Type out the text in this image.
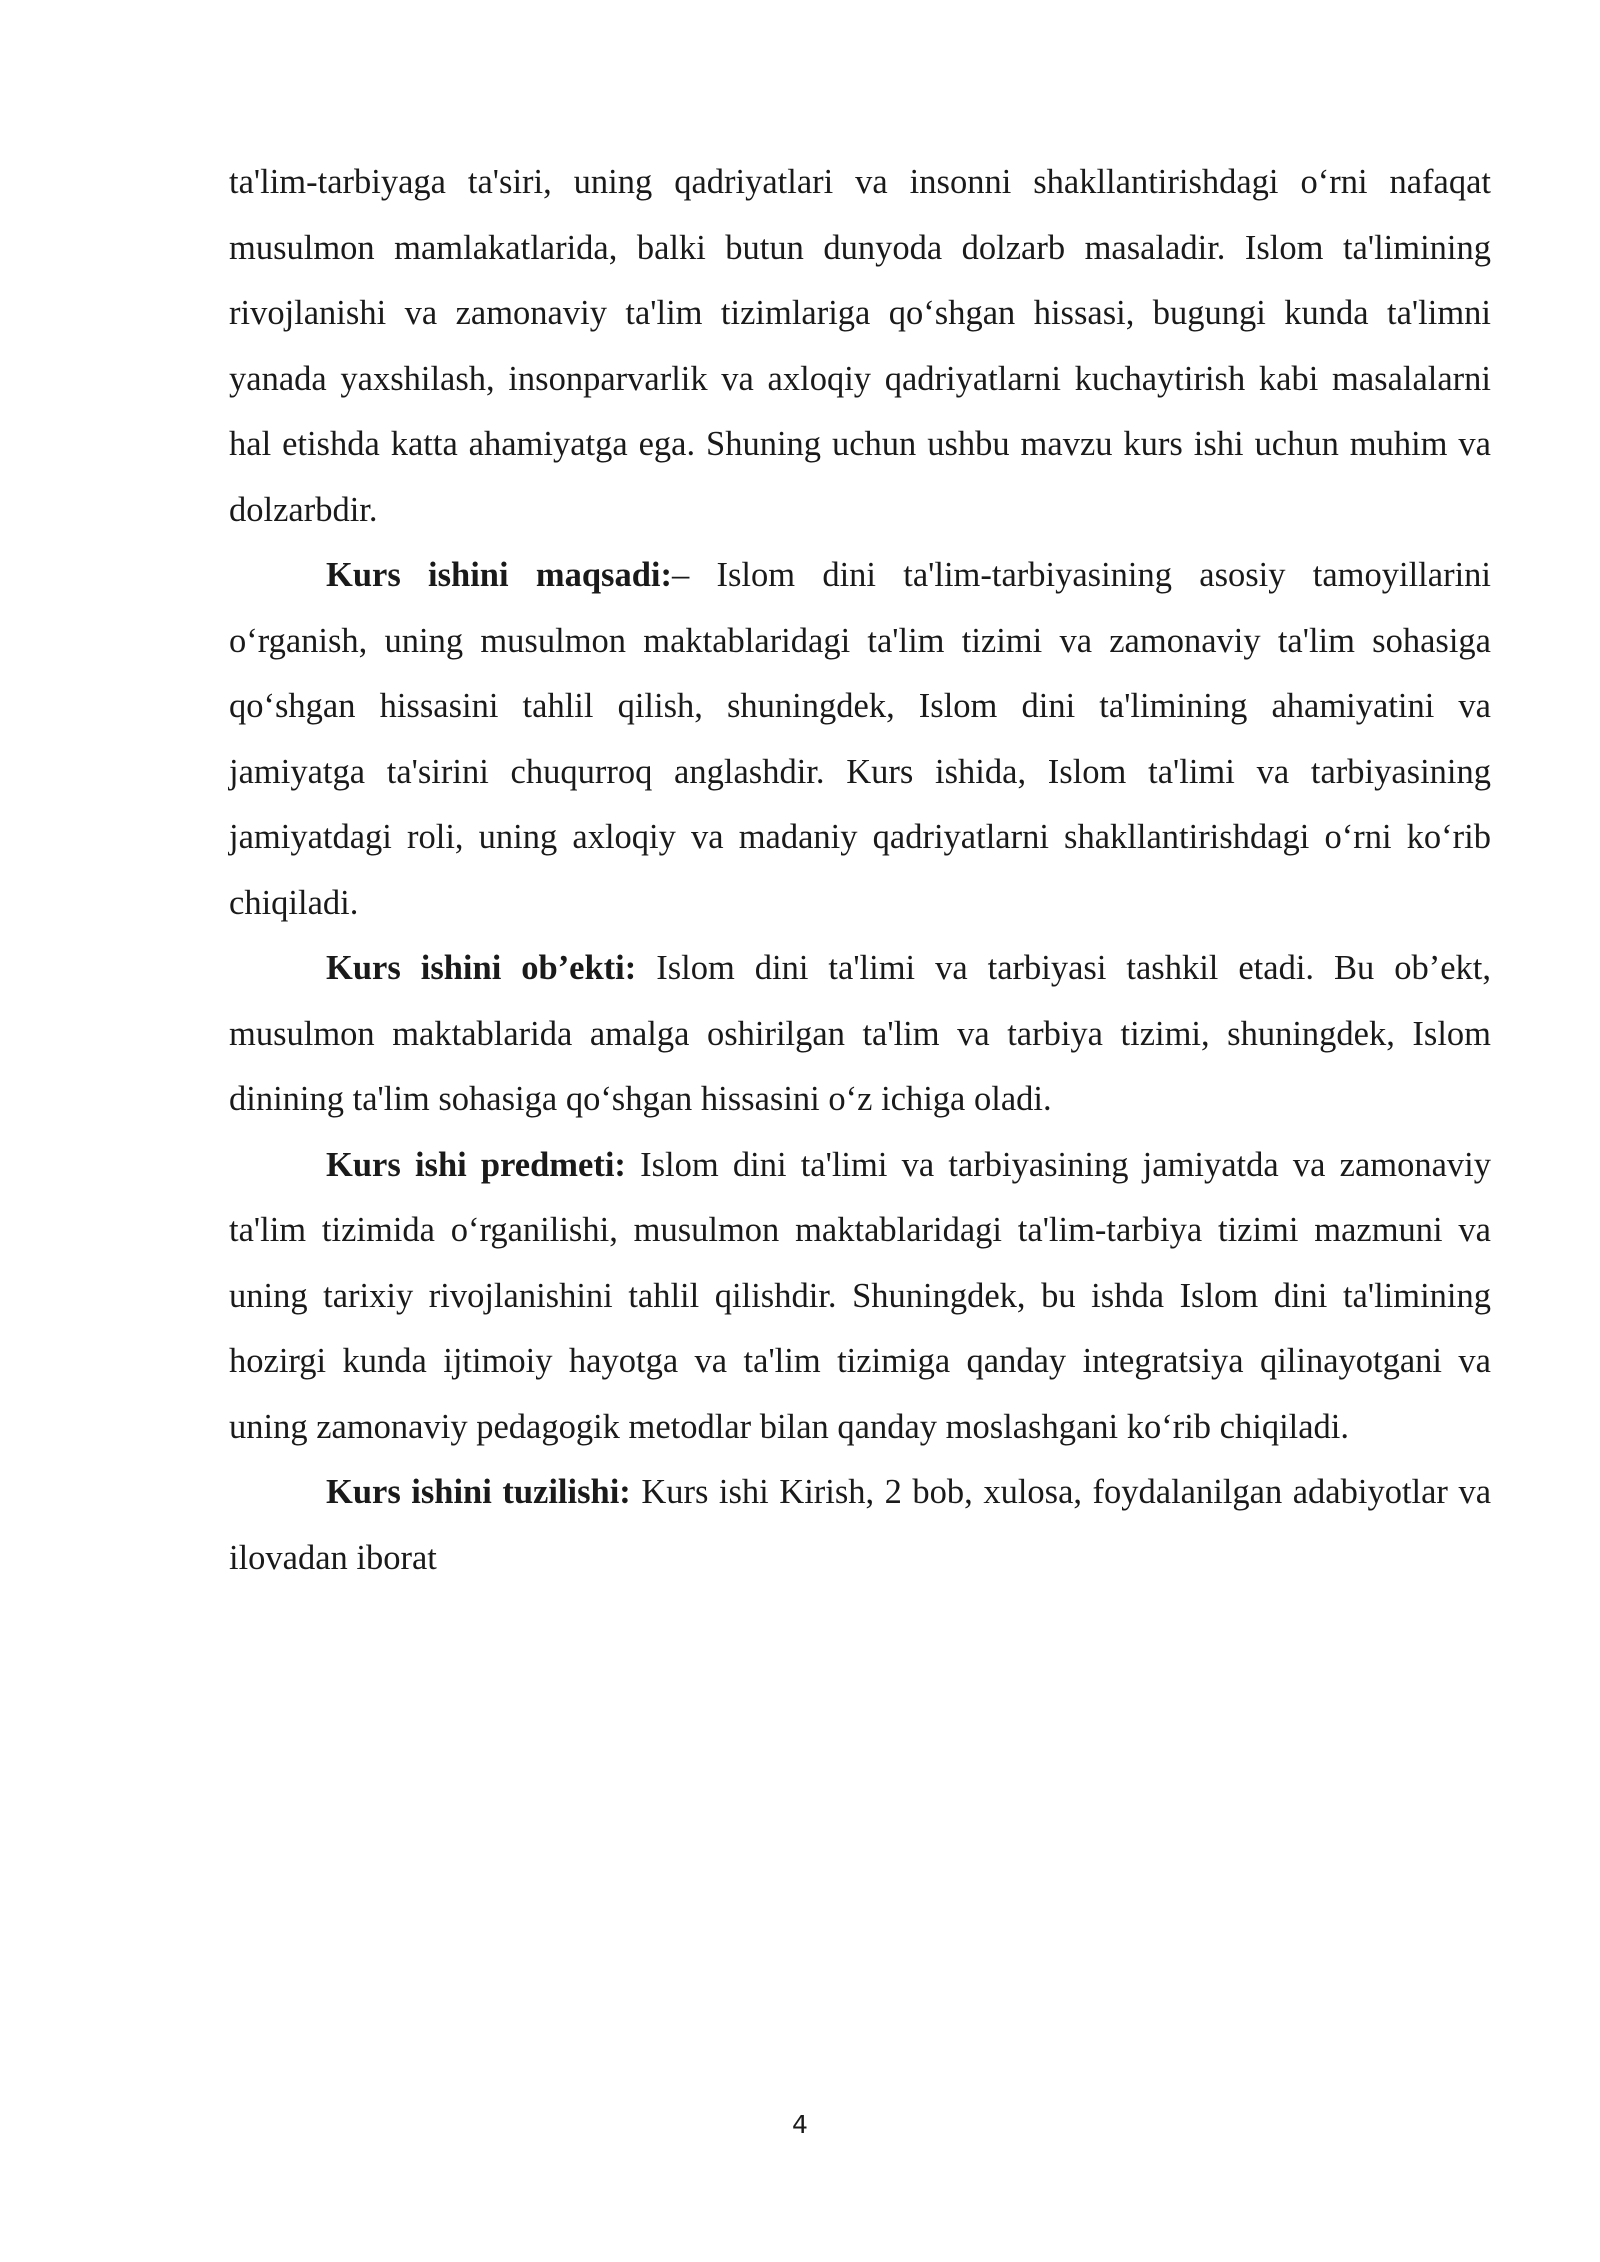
ta'lim-tarbiyaga ta'siri, uning qadriyatlari va insonni shakllantirishdagi o‘rni nafaqat musulmon mamlakatlarida, balki butun dunyoda dolzarb masaladir. Islom ta'limining rivojlanishi va zamonaviy ta'lim tizimlariga qo‘shgan hissasi, bugungi kunda ta'limni yanada yaxshilash, insonparvarlik va axloqiy qadriyatlarni kuchaytirish kabi masalalarni hal etishda katta ahamiyatga ega. Shuning uchun ushbu mavzu kurs ishi uchun muhim va dolzarbdir.

Kurs ishini maqsadi:– Islom dini ta'lim-tarbiyasining asosiy tamoyillarini o‘rganish, uning musulmon maktablaridagi ta'lim tizimi va zamonaviy ta'lim sohasiga qo‘shgan hissasini tahlil qilish, shuningdek, Islom dini ta'limining ahamiyatini va jamiyatga ta'sirini chuqurroq anglashdir. Kurs ishida, Islom ta'limi va tarbiyasining jamiyatdagi roli, uning axloqiy va madaniy qadriyatlarni shakllantirishdagi o‘rni ko‘rib chiqiladi.

Kurs ishini ob’ekti: Islom dini ta'limi va tarbiyasi tashkil etadi. Bu ob’ekt, musulmon maktablarida amalga oshirilgan ta'lim va tarbiya tizimi, shuningdek, Islom dinining ta'lim sohasiga qo‘shgan hissasini o‘z ichiga oladi.

Kurs ishi predmeti: Islom dini ta'limi va tarbiyasining jamiyatda va zamonaviy ta'lim tizimida o‘rganilishi, musulmon maktablaridagi ta'lim-tarbiya tizimi mazmuni va uning tarixiy rivojlanishini tahlil qilishdir. Shuningdek, bu ishda Islom dini ta'limining hozirgi kunda ijtimoiy hayotga va ta'lim tizimiga qanday integratsiya qilinayotgani va uning zamonaviy pedagogik metodlar bilan qanday moslashgani ko‘rib chiqiladi.

Kurs ishini tuzilishi: Kurs ishi Kirish, 2 bob, xulosa, foydalanilgan adabiyotlar va ilovadan iborat

4
